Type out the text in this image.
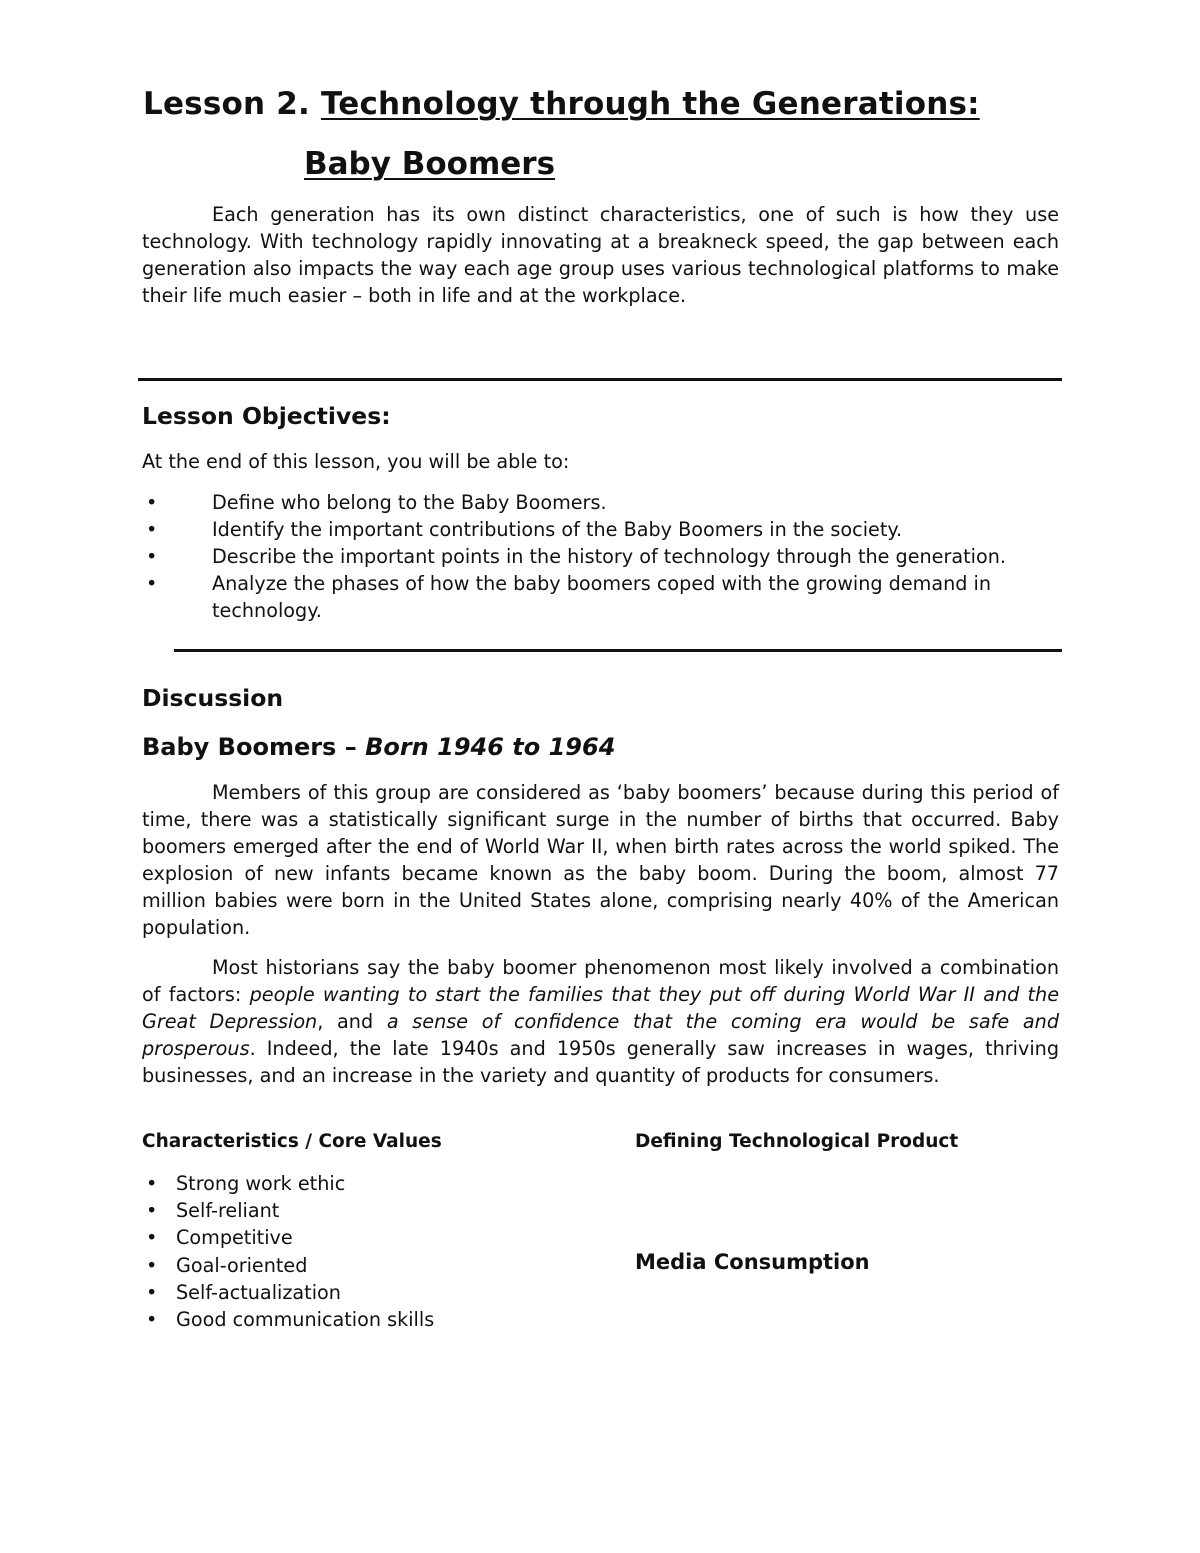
Lesson 2. Technology through the Generations:
Baby Boomers

Each generation has its own distinct characteristics, one of such is how they use technology. With technology rapidly innovating at a breakneck speed, the gap between each generation also impacts the way each age group uses various technological platforms to make their life much easier – both in life and at the workplace.

Lesson Objectives:
At the end of this lesson, you will be able to:
•	Define who belong to the Baby Boomers.
•	Identify the important contributions of the Baby Boomers in the society.
•	Describe the important points in the history of technology through the generation.
•	Analyze the phases of how the baby boomers coped with the growing demand in technology.
Discussion
Baby Boomers – Born 1946 to 1964

Members of this group are considered as ‘baby boomers’ because during this period of time, there was a statistically significant surge in the number of births that occurred. Baby boomers emerged after the end of World War II, when birth rates across the world spiked. The explosion of new infants became known as the baby boom. During the boom, almost 77 million babies were born in the United States alone, comprising nearly 40% of the American population.

Most historians say the baby boomer phenomenon most likely involved a combination of factors: people wanting to start the families that they put off during World War II and the Great Depression, and a sense of confidence that the coming era would be safe and prosperous. Indeed, the late 1940s and 1950s generally saw increases in wages, thriving businesses, and an increase in the variety and quantity of products for consumers.

Characteristics / Core Values	Defining Technological Product
• Strong work ethic
• Self-reliant
• Competitive
• Goal-oriented
• Self-actualization
• Good communication skills
Media Consumption
